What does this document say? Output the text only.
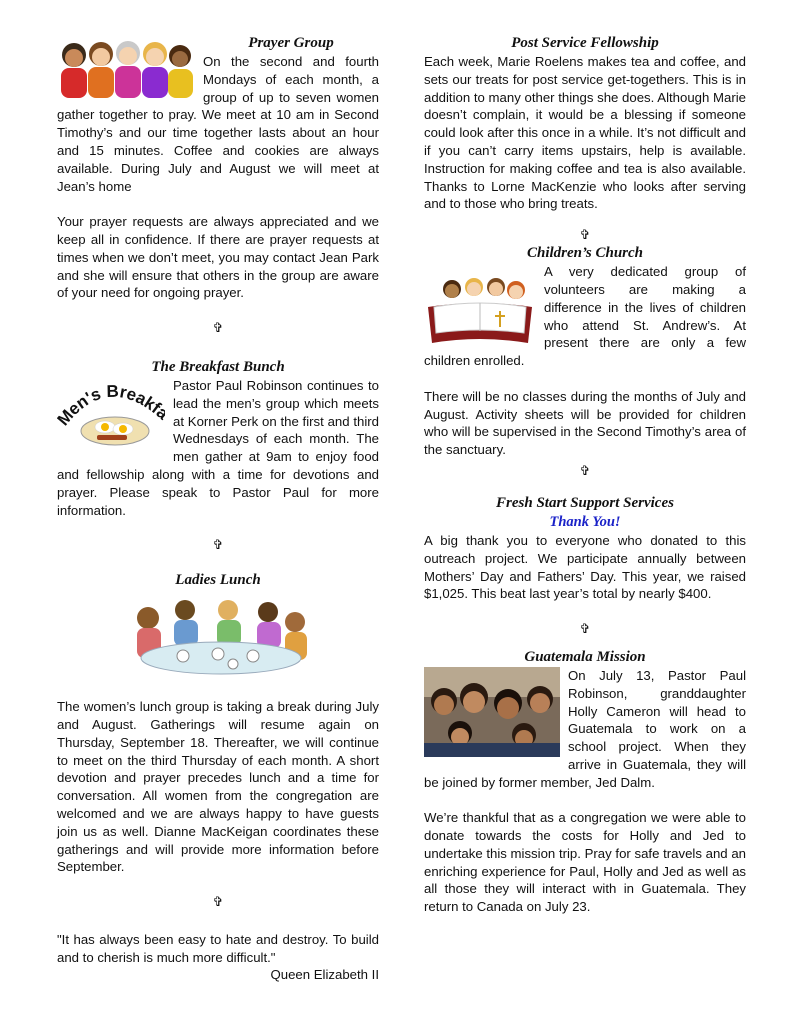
Prayer Group

On the second and fourth Mondays of each month, a group of up to seven women gather together to pray. We meet at 10 am in Second Timothy’s and our time together lasts about an hour and 15 minutes. Coffee and cookies are always available. During July and August we will meet at Jean’s home

Your prayer requests are always appreciated and we keep all in confidence. If there are prayer requests at times when we don’t meet, you may contact Jean Park and she will ensure that others in the group are aware of your need for ongoing prayer.

✞
The Breakfast Bunch
en's Breakf

Pastor Paul Robinson continues to lead the men’s group which meets at Korner Perk on the first and third Wednesdays of each month. The men gather at 9am to enjoy food and fellowship along with a time for devotions and prayer. Please speak to Pastor Paul for more information.

✞
Ladies Lunch

The women’s lunch group is taking a break during July and August. Gatherings will resume again on Thursday, September 18. Thereafter, we will continue to meet on the third Thursday of each month. A short devotion and prayer precedes lunch and a time for conversation. All women from the congregation are welcomed and we are always happy to have guests join us as well. Dianne MacKeigan coordinates these gatherings and will provide more information before September.

✞

"It has always been easy to hate and destroy. To build and to cherish is much more difficult."

Queen Elizabeth II
Post Service Fellowship

Each week, Marie Roelens makes tea and coffee, and sets our treats for post service get-togethers. This is in addition to many other things she does. Although Marie doesn’t complain, it would be a blessing if someone could look after this once in a while. It’s not difficult and if you can’t carry items upstairs, help is available. Instruction for making coffee and tea is also available. Thanks to Lorne MacKenzie who looks after serving and to those who bring treats.

✞
Children’s Church

A very dedicated group of volunteers are making a difference in the lives of children who attend St. Andrew’s. At present there are only a few children enrolled.

There will be no classes during the months of July and August. Activity sheets will be provided for children who will be supervised in the Second Timothy’s area of the sanctuary.

✞
Fresh Start Support Services
Thank You!

A big thank you to everyone who donated to this outreach project. We participate annually between Mothers’ Day and Fathers’ Day. This year, we raised $1,025. This beat last year’s total by nearly $400.

✞
Guatemala Mission

On July 13, Pastor Paul Robinson, granddaughter Holly Cameron will head to Guatemala to work on a school project. When they arrive in Guatemala, they will be joined by former member, Jed Dalm.

We’re thankful that as a congregation we were able to donate towards the costs for Holly and Jed to undertake this mission trip. Pray for safe travels and an enriching experience for Paul, Holly and Jed as well as all those they will interact with in Guatemala. They return to Canada on July 23.
